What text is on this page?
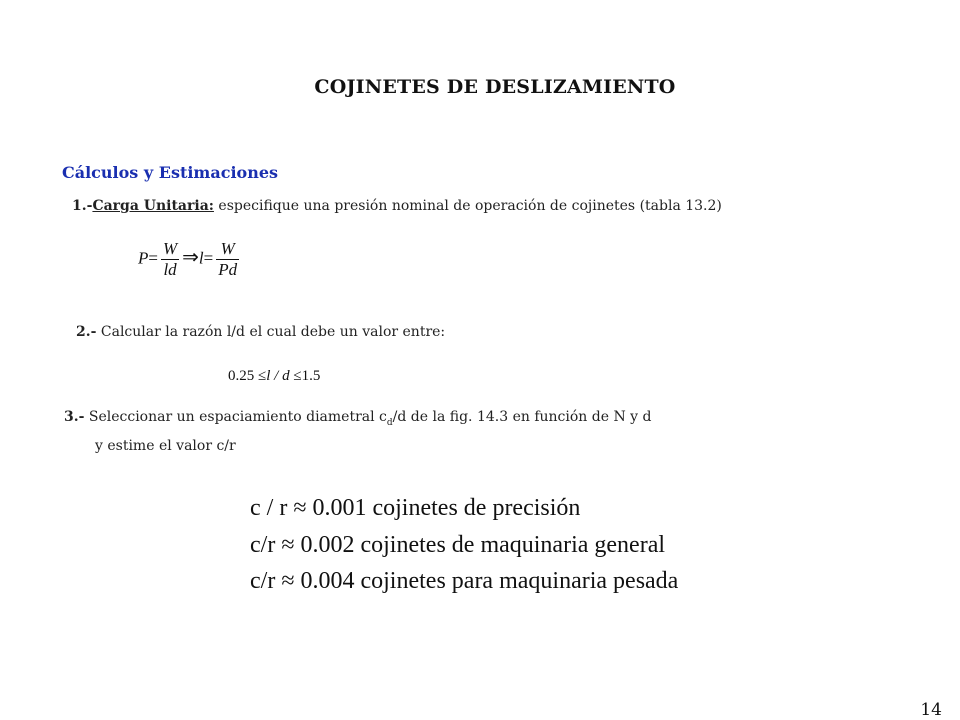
COJINETES DE DESLIZAMIENTO
Cálculos y Estimaciones
1.-Carga Unitaria: especifique una presión nominal de operación de cojinetes (tabla 13.2)
$P= \frac{W}{ld}$ ⇒l= $\frac{W}{Pd}$
2.- Calcular la razón l/d el cual debe un valor entre:
0.25 ≤l / d ≤1.5
3.- Seleccionar un espaciamiento diametral $c_d/d$ de la fig. 14.3 en función de N y d
y estime el valor c/r
c / r ≈ 0.001 cojinetes de precisión
c/r ≈ 0.002 cojinetes de maquinaria general
c/r ≈ 0.004 cojinetes para maquinaria pesada
14
